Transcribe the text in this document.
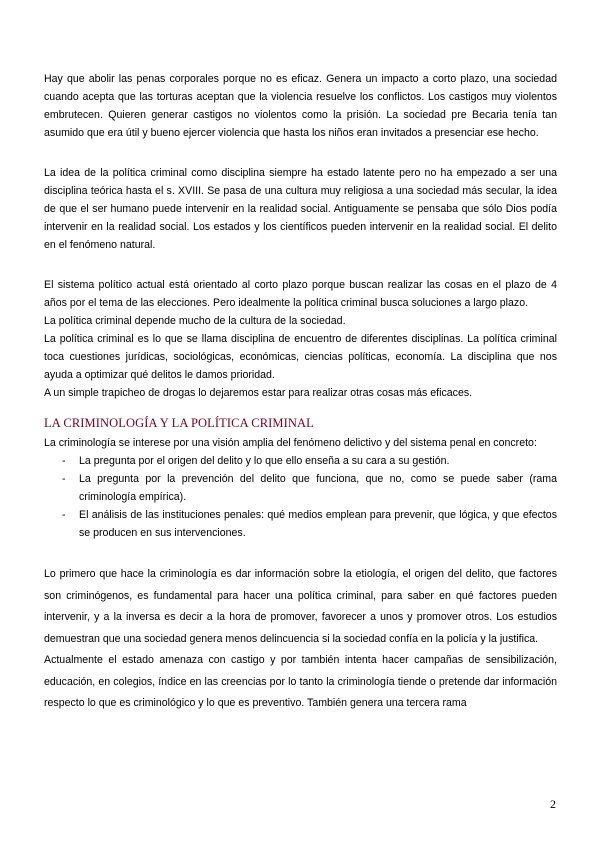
Hay que abolir las penas corporales porque no es eficaz. Genera un impacto a corto plazo, una sociedad cuando acepta que las torturas aceptan que la violencia resuelve los conflictos. Los castigos muy violentos embrutecen. Quieren generar castigos no violentos como la prisión. La sociedad pre Becaria tenía tan asumido que era útil y bueno ejercer violencia que hasta los niños eran invitados a presenciar ese hecho.

La idea de la política criminal como disciplina siempre ha estado latente pero no ha empezado a ser una disciplina teórica hasta el s. XVIII. Se pasa de una cultura muy religiosa a una sociedad más secular, la idea de que el ser humano puede intervenir en la realidad social. Antiguamente se pensaba que sólo Dios podía intervenir en la realidad social. Los estados y los científicos pueden intervenir en la realidad social. El delito en el fenómeno natural.

El sistema político actual está orientado al corto plazo porque buscan realizar las cosas en el plazo de 4 años por el tema de las elecciones. Pero idealmente la política criminal busca soluciones a largo plazo.

La política criminal depende mucho de la cultura de la sociedad.

La política criminal es lo que se llama disciplina de encuentro de diferentes disciplinas. La política criminal toca cuestiones jurídicas, sociológicas, económicas, ciencias políticas, economía. La disciplina que nos ayuda a optimizar qué delitos le damos prioridad.

A un simple trapicheo de drogas lo dejaremos estar para realizar otras cosas más eficaces.

LA CRIMINOLOGÍA Y LA POLÍTICA CRIMINAL

La criminología se interese por una visión amplia del fenómeno delictivo y del sistema penal en concreto:

- La pregunta por el origen del delito y lo que ello enseña a su cara a su gestión.
- La pregunta por la prevención del delito que funciona, que no, como se puede saber (rama criminología empírica).
- El análisis de las instituciones penales: qué medios emplean para prevenir, que lógica, y que efectos se producen en sus intervenciones.

Lo primero que hace la criminología es dar información sobre la etiología, el origen del delito, que factores son criminógenos, es fundamental para hacer una política criminal, para saber en qué factores pueden intervenir, y a la inversa es decir a la hora de promover, favorecer a unos y promover otros. Los estudios demuestran que una sociedad genera menos delincuencia si la sociedad confía en la policía y la justifica.

Actualmente el estado amenaza con castigo y por también intenta hacer campañas de sensibilización, educación, en colegios, índice en las creencias por lo tanto la criminología tiende o pretende dar información respecto lo que es criminológico y lo que es preventivo. También genera una tercera rama

2
